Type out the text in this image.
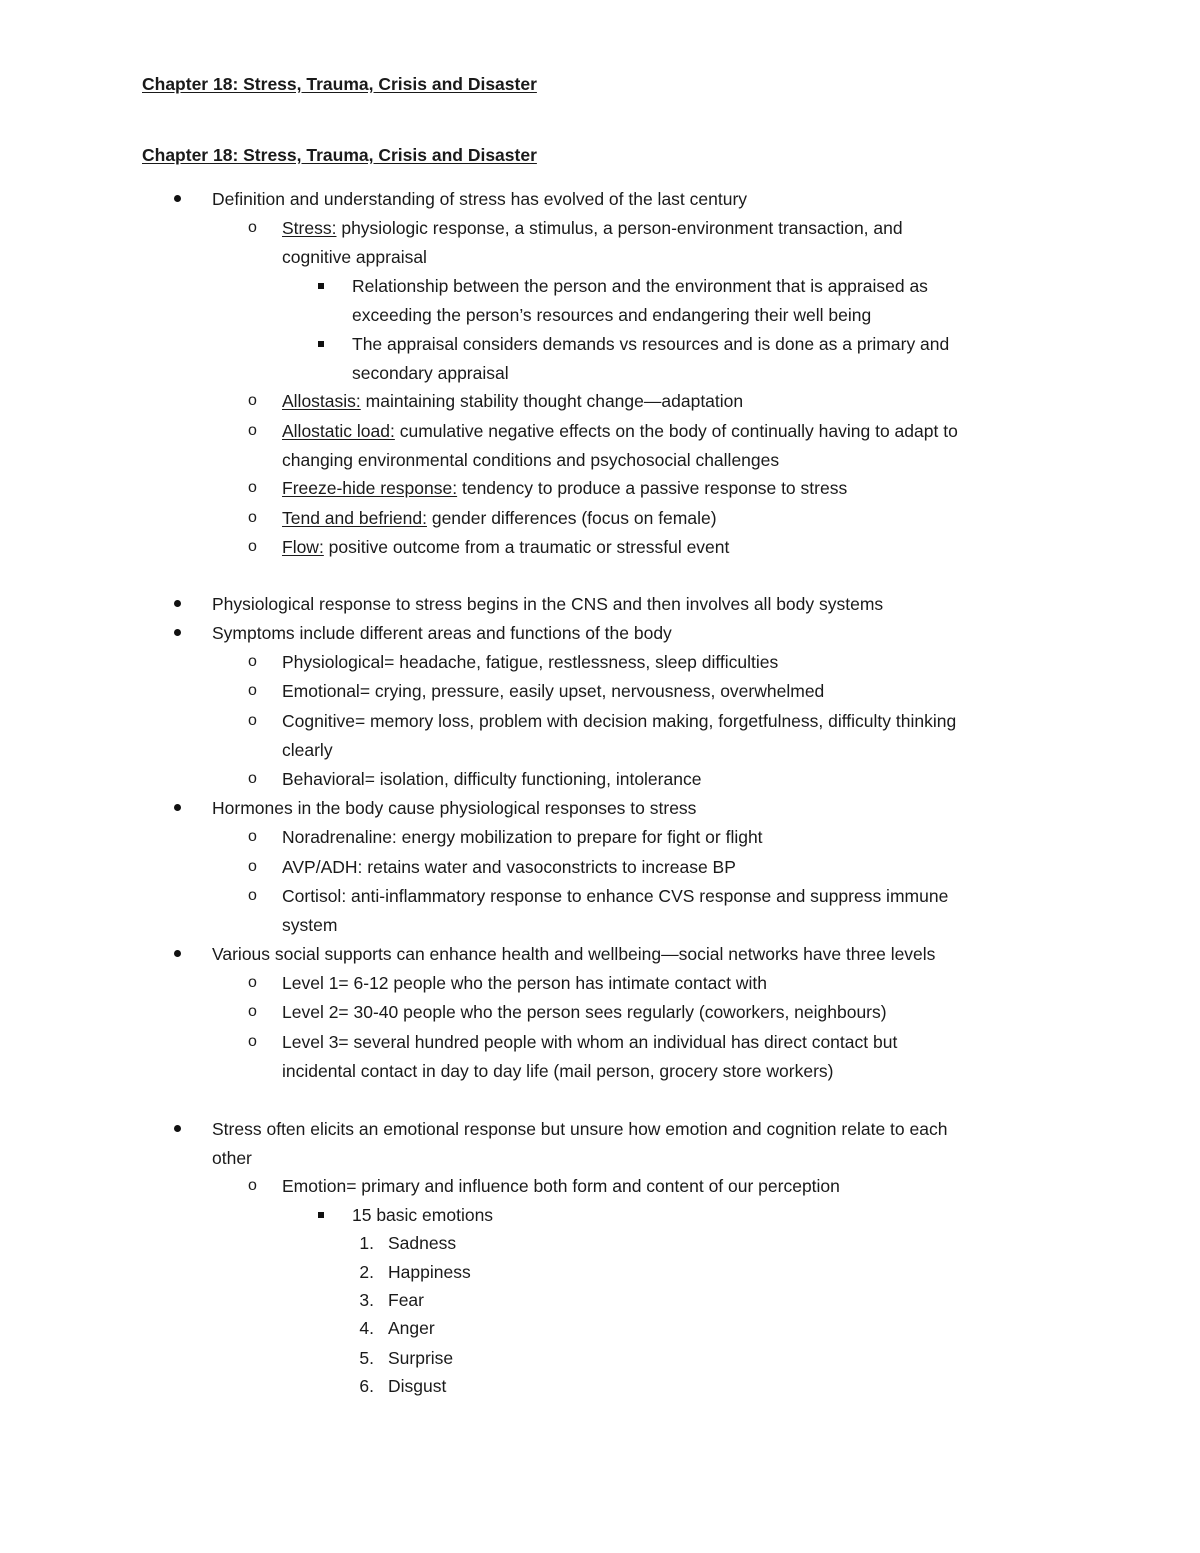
Chapter 18: Stress, Trauma, Crisis and Disaster
Chapter 18: Stress, Trauma, Crisis and Disaster
Definition and understanding of stress has evolved of the last century
o Stress: physiologic response, a stimulus, a person-environment transaction, and
cognitive appraisal
Relationship between the person and the environment that is appraised as
exceeding the person’s resources and endangering their well being
The appraisal considers demands vs resources and is done as a primary and
secondary appraisal
o Allostasis: maintaining stability thought change—adaptation
o Allostatic load: cumulative negative effects on the body of continually having to adapt to
changing environmental conditions and psychosocial challenges
o Freeze-hide response: tendency to produce a passive response to stress
o Tend and befriend: gender differences (focus on female)
o Flow: positive outcome from a traumatic or stressful event
Physiological response to stress begins in the CNS and then involves all body systems
Symptoms include different areas and functions of the body
o Physiological= headache, fatigue, restlessness, sleep difficulties
o Emotional= crying, pressure, easily upset, nervousness, overwhelmed
o Cognitive= memory loss, problem with decision making, forgetfulness, difficulty thinking
clearly
o Behavioral= isolation, difficulty functioning, intolerance
Hormones in the body cause physiological responses to stress
o Noradrenaline: energy mobilization to prepare for fight or flight
o AVP/ADH: retains water and vasoconstricts to increase BP
o Cortisol: anti-inflammatory response to enhance CVS response and suppress immune
system
Various social supports can enhance health and wellbeing—social networks have three levels
o Level 1= 6-12 people who the person has intimate contact with
o Level 2= 30-40 people who the person sees regularly (coworkers, neighbours)
o Level 3= several hundred people with whom an individual has direct contact but
incidental contact in day to day life (mail person, grocery store workers)
Stress often elicits an emotional response but unsure how emotion and cognition relate to each
other
o Emotion= primary and influence both form and content of our perception
15 basic emotions
1. Sadness
2. Happiness
3. Fear
4. Anger
5. Surprise
6. Disgust
